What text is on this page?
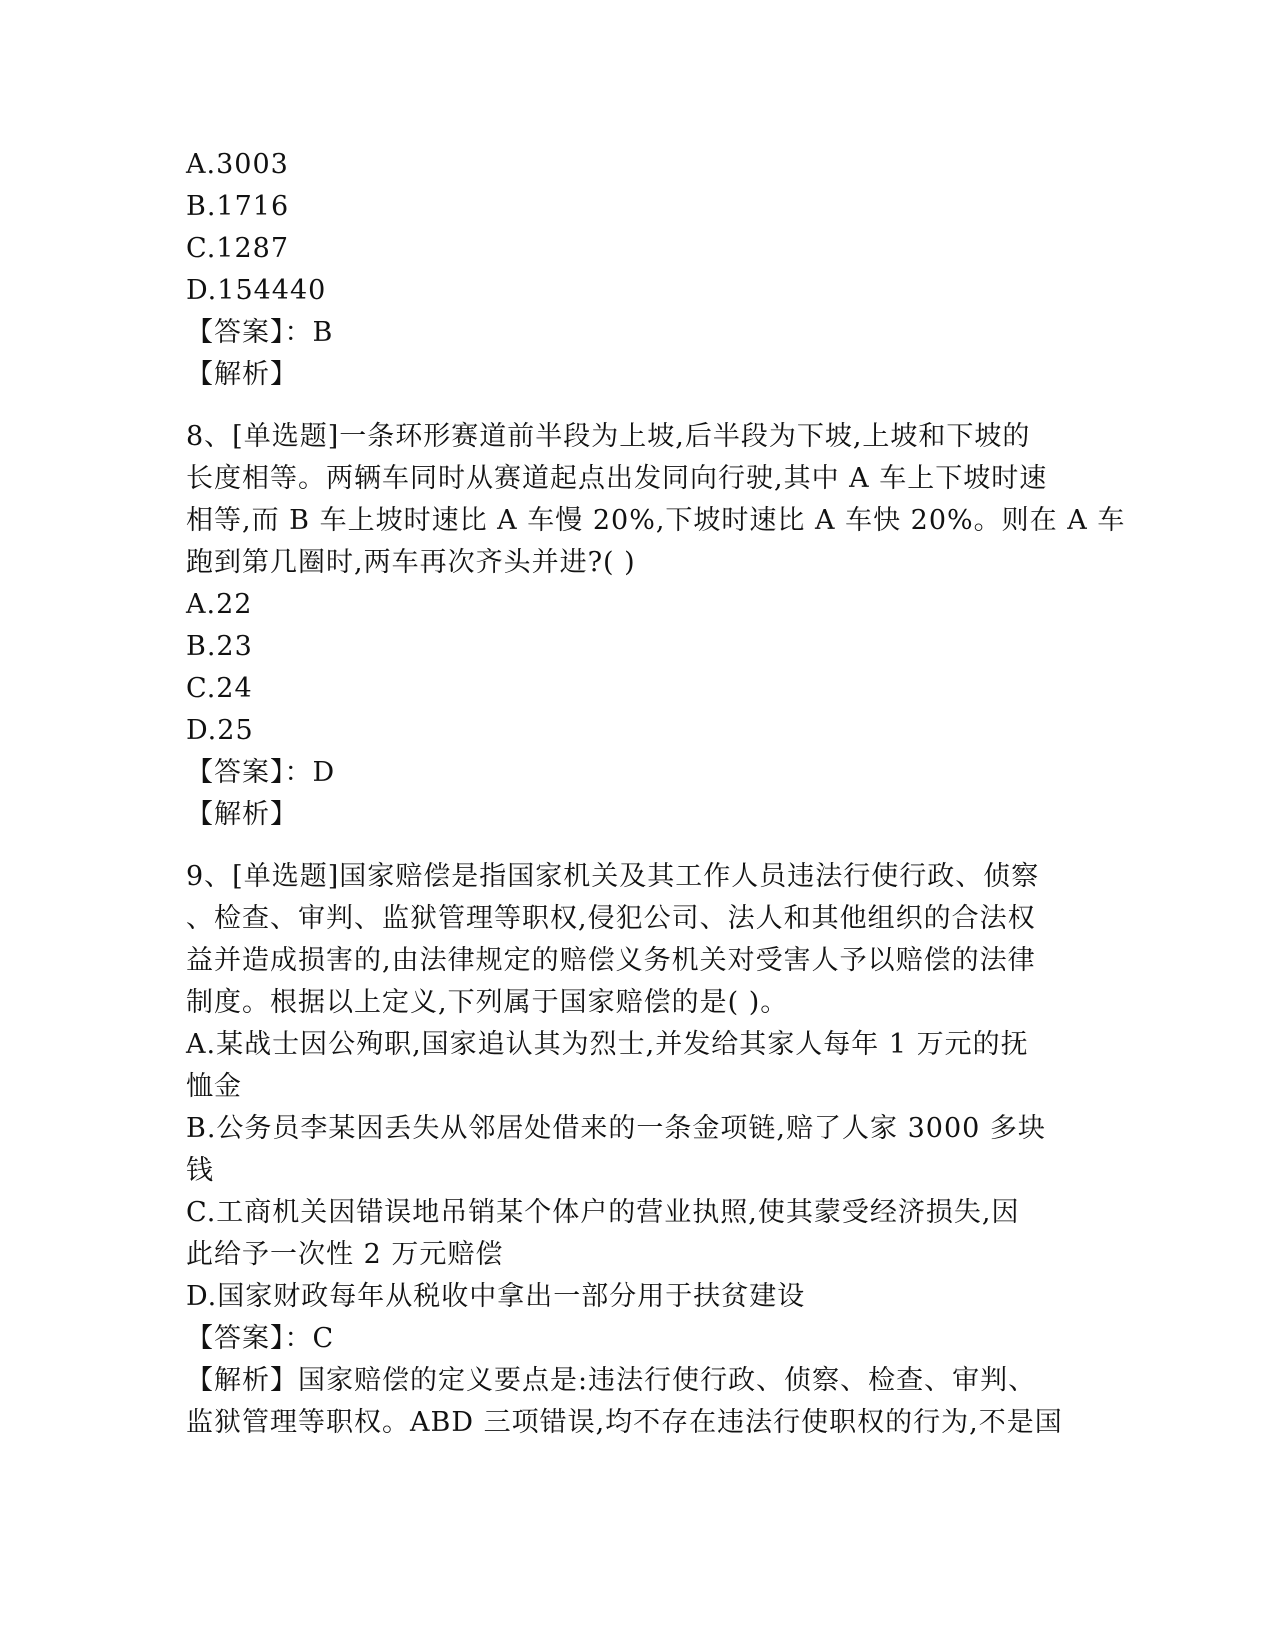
A.3003
B.1716
C.1287
D.154440
【答案】：B
【解析】
8、[单选题]一条环形赛道前半段为上坡,后半段为下坡,上坡和下坡的
长度相等。两辆车同时从赛道起点出发同向行驶,其中 A 车上下坡时速
相等,而 B 车上坡时速比 A 车慢 20%,下坡时速比 A 车快 20%。则在 A 车
跑到第几圈时,两车再次齐头并进?( )
A.22
B.23
C.24
D.25
【答案】：D
【解析】
9、[单选题]国家赔偿是指国家机关及其工作人员违法行使行政、侦察
、检查、审判、监狱管理等职权,侵犯公司、法人和其他组织的合法权
益并造成损害的,由法律规定的赔偿义务机关对受害人予以赔偿的法律
制度。根据以上定义,下列属于国家赔偿的是( )。
A.某战士因公殉职,国家追认其为烈士,并发给其家人每年 1 万元的抚
恤金
B.公务员李某因丢失从邻居处借来的一条金项链,赔了人家 3000 多块
钱
C.工商机关因错误地吊销某个体户的营业执照,使其蒙受经济损失,因
此给予一次性 2 万元赔偿
D.国家财政每年从税收中拿出一部分用于扶贫建设
【答案】：C
【解析】国家赔偿的定义要点是:违法行使行政、侦察、检查、审判、
监狱管理等职权。ABD 三项错误,均不存在违法行使职权的行为,不是国
